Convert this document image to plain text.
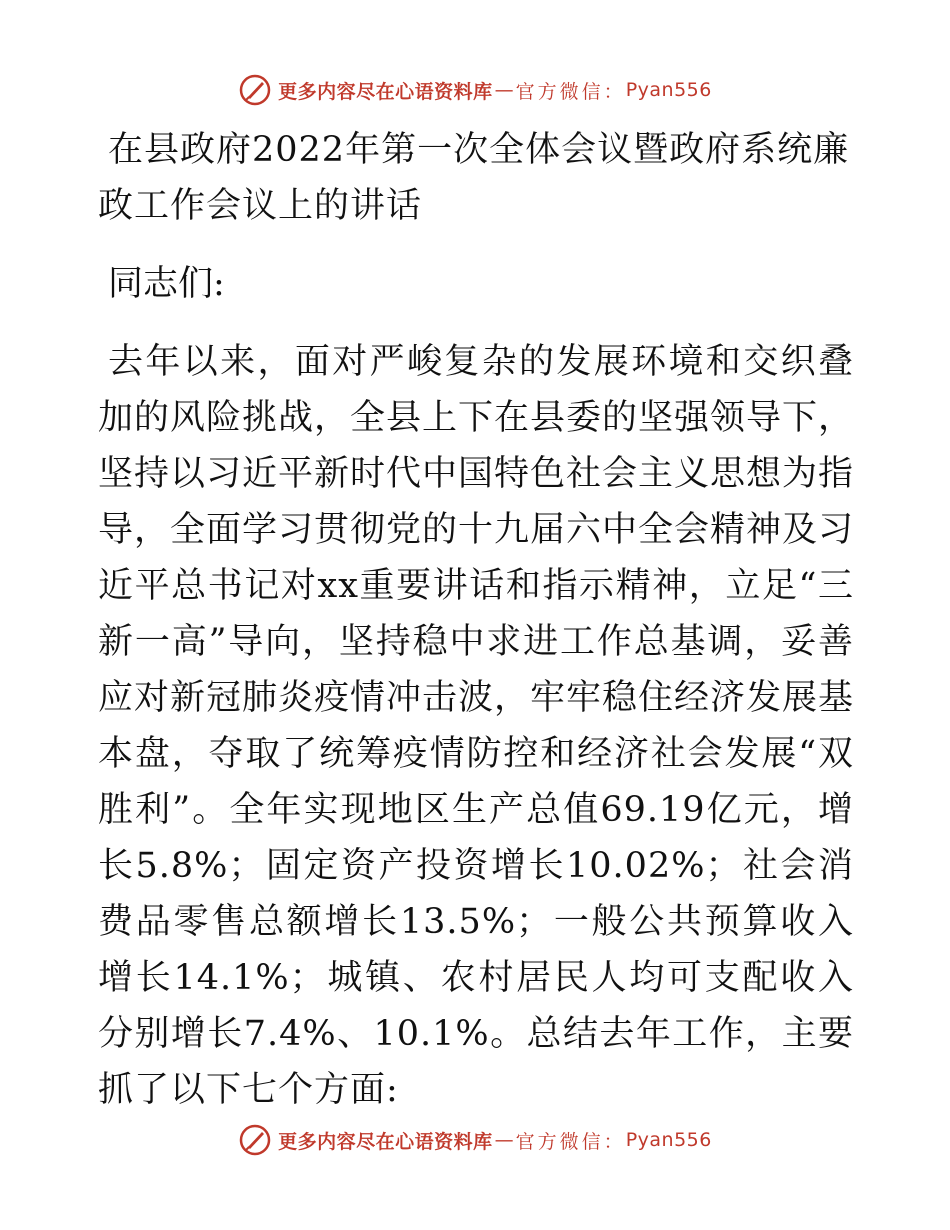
更多内容尽在心语资料库 — 官方微信： Pyan556
在县政府2022年第一次全体会议暨政府系统廉政工作会议上的讲话

同志们:

去年以来，面对严峻复杂的发展环境和交织叠加的风险挑战，全县上下在县委的坚强领导下，坚持以习近平新时代中国特色社会主义思想为指导，全面学习贯彻党的十九届六中全会精神及习近平总书记对xx重要讲话和指示精神，立足“三新一高”导向，坚持稳中求进工作总基调，妥善应对新冠肺炎疫情冲击波，牢牢稳住经济发展基本盘，夺取了统筹疫情防控和经济社会发展“双胜利”。全年实现地区生产总值69.19亿元，增长5.8%；固定资产投资增长10.02%；社会消费品零售总额增长13.5%；一般公共预算收入增长14.1%；城镇、农村居民人均可支配收入分别增长7.4%、10.1%。总结去年工作，主要抓了以下七个方面:

更多内容尽在心语资料库 — 官方微信： Pyan556
